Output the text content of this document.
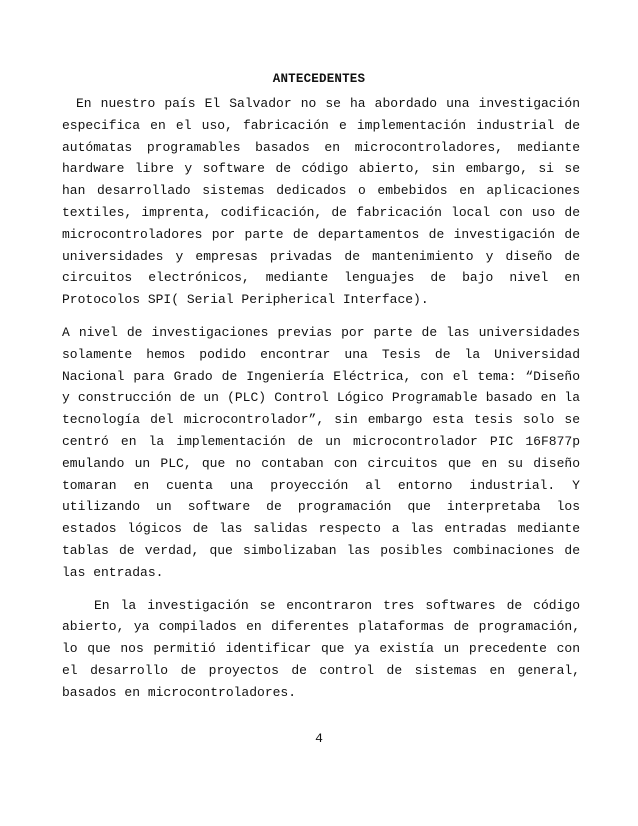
ANTECEDENTES

En nuestro país El Salvador no se ha abordado una investigación especifica en el uso, fabricación e implementación industrial de autómatas programables basados en microcontroladores, mediante hardware libre y software de código abierto, sin embargo, si se han desarrollado sistemas dedicados o embebidos en aplicaciones textiles, imprenta, codificación, de fabricación local con uso de microcontroladores por parte de departamentos de investigación de universidades y empresas privadas de mantenimiento y diseño de circuitos electrónicos, mediante lenguajes de bajo nivel en Protocolos SPI( Serial Peripherical Interface).

A nivel de investigaciones previas por parte de las universidades solamente hemos podido encontrar una Tesis de la Universidad Nacional para Grado de Ingeniería Eléctrica, con el tema: “Diseño y construcción de un (PLC) Control Lógico Programable basado en la tecnología del microcontrolador”, sin embargo esta tesis solo se centró en la implementación de un microcontrolador PIC 16F877p emulando un PLC, que no contaban con circuitos que en su diseño tomaran en cuenta una proyección al entorno industrial. Y utilizando un software de programación que interpretaba los estados lógicos de las salidas respecto a las entradas mediante tablas de verdad, que simbolizaban las posibles combinaciones de las entradas.

En la investigación se encontraron tres softwares de código abierto, ya compilados en diferentes plataformas de programación, lo que nos permitió identificar que ya existía un precedente con el desarrollo de proyectos de control de sistemas en general, basados en microcontroladores.

4
